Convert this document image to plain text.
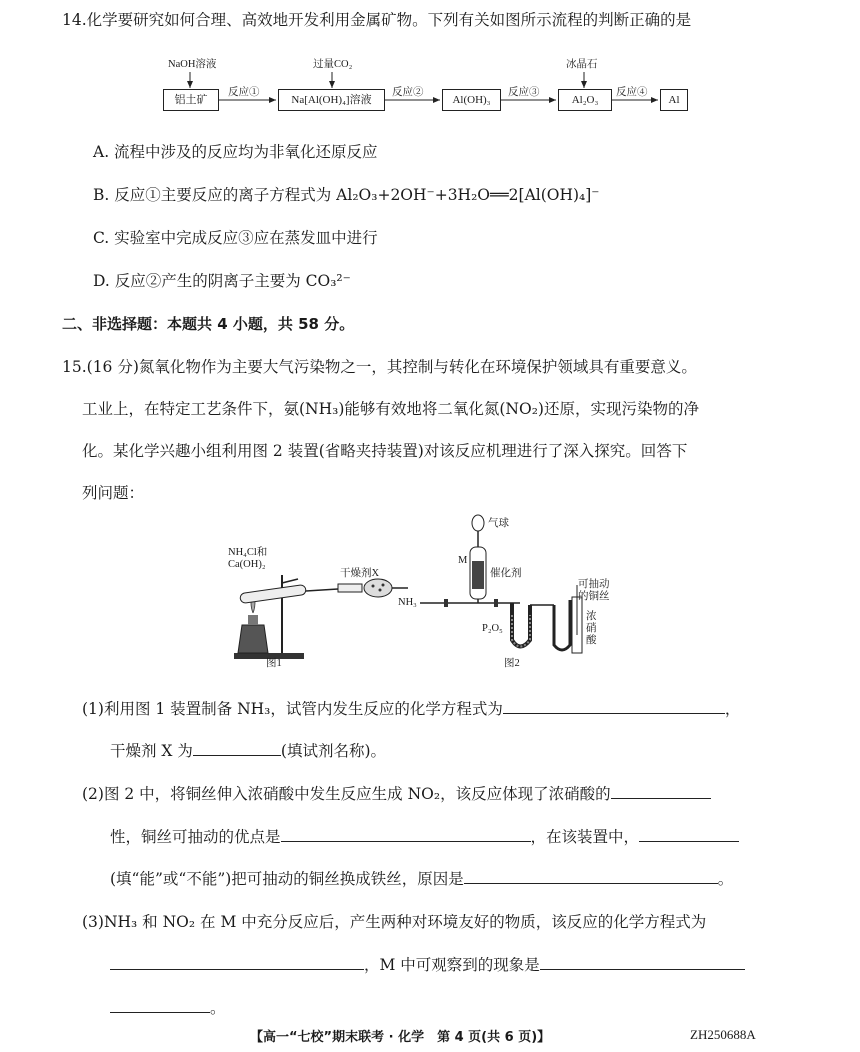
14.化学要研究如何合理、高效地开发利用金属矿物。下列有关如图所示流程的判断正确的是
NaOH溶液	过量CO₂	冰晶石
铝土矿	Na[Al(OH)₄]溶液	Al(OH)₃	Al₂O₃	Al
反应①	反应②	反应③	反应④
A. 流程中涉及的反应均为非氧化还原反应
B. 反应①主要反应的离子方程式为 Al₂O₃+2OH⁻+3H₂O══2[Al(OH)₄]⁻
C. 实验室中完成反应③应在蒸发皿中进行
D. 反应②产生的阴离子主要为 CO₃²⁻
二、非选择题：本题共 4 小题，共 58 分。
15.(16 分)氮氧化物作为主要大气污染物之一，其控制与转化在环境保护领域具有重要意义。
工业上，在特定工艺条件下，氨(NH₃)能够有效地将二氧化氮(NO₂)还原，实现污染物的净
化。某化学兴趣小组利用图 2 装置(省略夹持装置)对该反应机理进行了深入探究。回答下
列问题：
NH₄Cl和
Ca(OH)₂
干燥剂X
图1
气球
M
催化剂
NH₃
P₂O₅
可抽动
的铜丝
浓
硝
酸
图2
(1)利用图 1 装置制备 NH₃，试管内发生反应的化学方程式为	，
干燥剂 X 为	(填试剂名称)。
(2)图 2 中，将铜丝伸入浓硝酸中发生反应生成 NO₂，该反应体现了浓硝酸的
性，铜丝可抽动的优点是	，在该装置中，
(填“能”或“不能”)把可抽动的铜丝换成铁丝，原因是	。
(3)NH₃ 和 NO₂ 在 M 中充分反应后，产生两种对环境友好的物质，该反应的化学方程式为
，M 中可观察到的现象是
。
【高一“七校”期末联考 · 化学　第 4 页(共 6 页)】	ZH250688A
